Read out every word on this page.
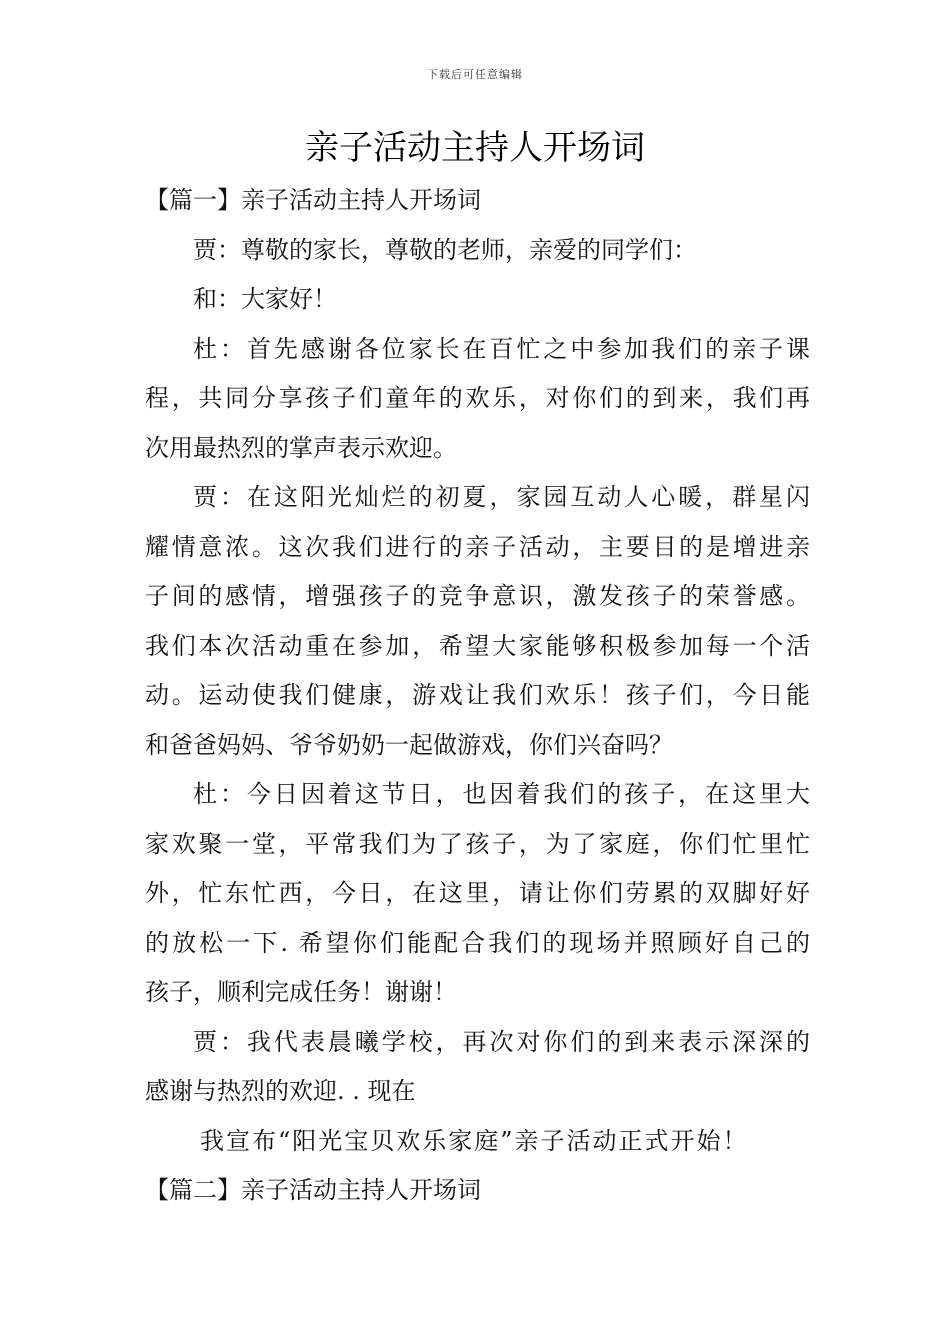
下载后可任意编辑
亲子活动主持人开场词
【篇一】亲子活动主持人开场词
贾：尊敬的家长，尊敬的老师，亲爱的同学们：
和：大家好！
杜：首先感谢各位家长在百忙之中参加我们的亲子课
程，共同分享孩子们童年的欢乐，对你们的到来，我们再
次用最热烈的掌声表示欢迎。
贾：在这阳光灿烂的初夏，家园互动人心暖，群星闪
耀情意浓。这次我们进行的亲子活动，主要目的是增进亲
子间的感情，增强孩子的竞争意识，激发孩子的荣誉感。
我们本次活动重在参加，希望大家能够积极参加每一个活
动。运动使我们健康，游戏让我们欢乐！孩子们，今日能
和爸爸妈妈、爷爷奶奶一起做游戏，你们兴奋吗？
杜：今日因着这节日，也因着我们的孩子，在这里大
家欢聚一堂，平常我们为了孩子，为了家庭，你们忙里忙
外，忙东忙西，今日，在这里，请让你们劳累的双脚好好
的放松一下. 希望你们能配合我们的现场并照顾好自己的
孩子，顺利完成任务！谢谢！
贾：我代表晨曦学校，再次对你们的到来表示深深的
感谢与热烈的欢迎. . 现在
我宣布“阳光宝贝欢乐家庭”亲子活动正式开始！
【篇二】亲子活动主持人开场词
